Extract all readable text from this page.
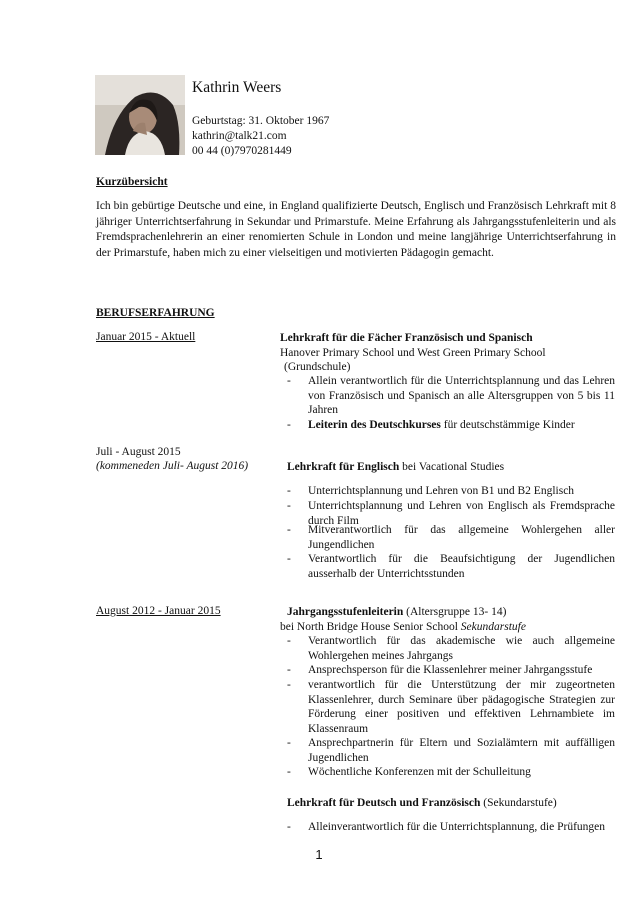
Kathrin Weers
Geburtstag: 31. Oktober 1967
kathrin@talk21.com
00 44 (0)7970281449
Kurzübersicht
Ich bin gebürtige Deutsche und eine, in England qualifizierte Deutsch, Englisch und Französisch Lehrkraft mit 8 jähriger Unterrichtserfahrung in Sekundar und Primarstufe. Meine Erfahrung als Jahrgangsstufenleiterin und als Fremdsprachenlehrerin an einer renomierten Schule in London und meine langjährige Unterrichtserfahrung in der Primarstufe, haben mich zu einer vielseitigen und motivierten Pädagogin gemacht.
BERUFSERFAHRUNG
Januar 2015 - Aktuell	Lehrkraft für die Fächer Französisch und Spanisch
Hanover Primary School und West Green Primary School
(Grundschule)
- Allein verantwortlich für die Unterrichtsplannung und das Lehren von Französisch und Spanisch an alle Altersgruppen von 5 bis 11 Jahren
- Leiterin des Deutschkurses für deutschstämmige Kinder
Juli - August 2015
(kommeneden Juli- August 2016)	Lehrkraft für Englisch bei Vacational Studies
- Unterrichtsplannung und Lehren von B1 und B2 Englisch
- Unterrichtsplannung und Lehren von Englisch als Fremdsprache durch Film
- Mitverantwortlich für das allgemeine Wohlergehen aller Jungendlichen
- Verantwortlich für die Beaufsichtigung der Jugendlichen ausserhalb der Unterrichtsstunden
August 2012 - Januar 2015	Jahrgangsstufenleiterin (Altersgruppe 13- 14)
bei North Bridge House Senior School Sekundarstufe
- Verantwortlich für das akademische wie auch allgemeine Wohlergehen meines Jahrgangs
- Ansprechsperson für die Klassenlehrer meiner Jahrgangsstufe
- verantwortlich für die Unterstützung der mir zugeortneten Klassenlehrer, durch Seminare über pädagogische Strategien zur Förderung einer positiven und effektiven Lehrnambiete im Klassenraum
- Ansprechpartnerin für Eltern und Sozialämtern mit auffälligen Jugendlichen
- Wöchentliche Konferenzen mit der Schulleitung
Lehrkraft für Deutsch und Französisch (Sekundarstufe)
- Alleinverantwortlich für die Unterrichtsplannung, die Prüfungen
1
